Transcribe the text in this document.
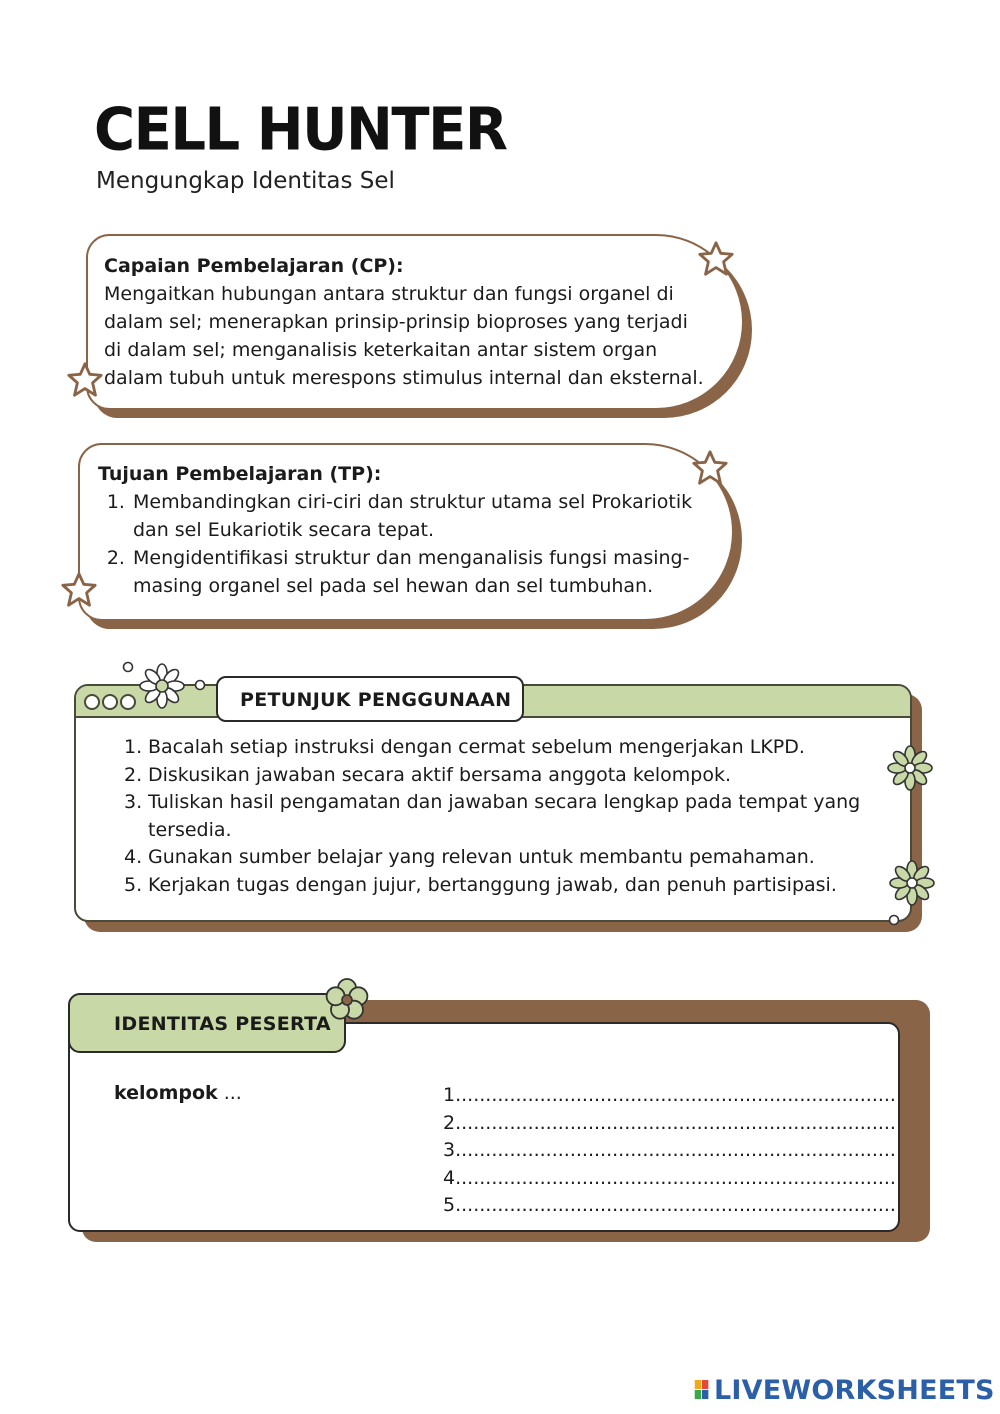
CELL HUNTER
Mengungkap Identitas Sel
Capaian Pembelajaran (CP):
Mengaitkan hubungan antara struktur dan fungsi organel di dalam sel; menerapkan prinsip-prinsip bioproses yang terjadi di dalam sel; menganalisis keterkaitan antar sistem organ dalam tubuh untuk merespons stimulus internal dan eksternal.
Tujuan Pembelajaran (TP):
1. Membandingkan ciri-ciri dan struktur utama sel Prokariotik dan sel Eukariotik secara tepat.
2. Mengidentifikasi struktur dan menganalisis fungsi masing-masing organel sel pada sel hewan dan sel tumbuhan.
Bacalah setiap instruksi dengan cermat sebelum mengerjakan LKPD.
Diskusikan jawaban secara aktif bersama anggota kelompok.
Tuliskan hasil pengamatan dan jawaban secara lengkap pada tempat yang tersedia.
Gunakan sumber belajar yang relevan untuk membantu pemahaman.
Kerjakan tugas dengan jujur, bertanggung jawab, dan penuh partisipasi.
PETUNJUK PENGGUNAAN
IDENTITAS PESERTA
kelompok ...	1.........................................................................
2.........................................................................
3.........................................................................
4.........................................................................
5.........................................................................
LIVEWORKSHEETS
